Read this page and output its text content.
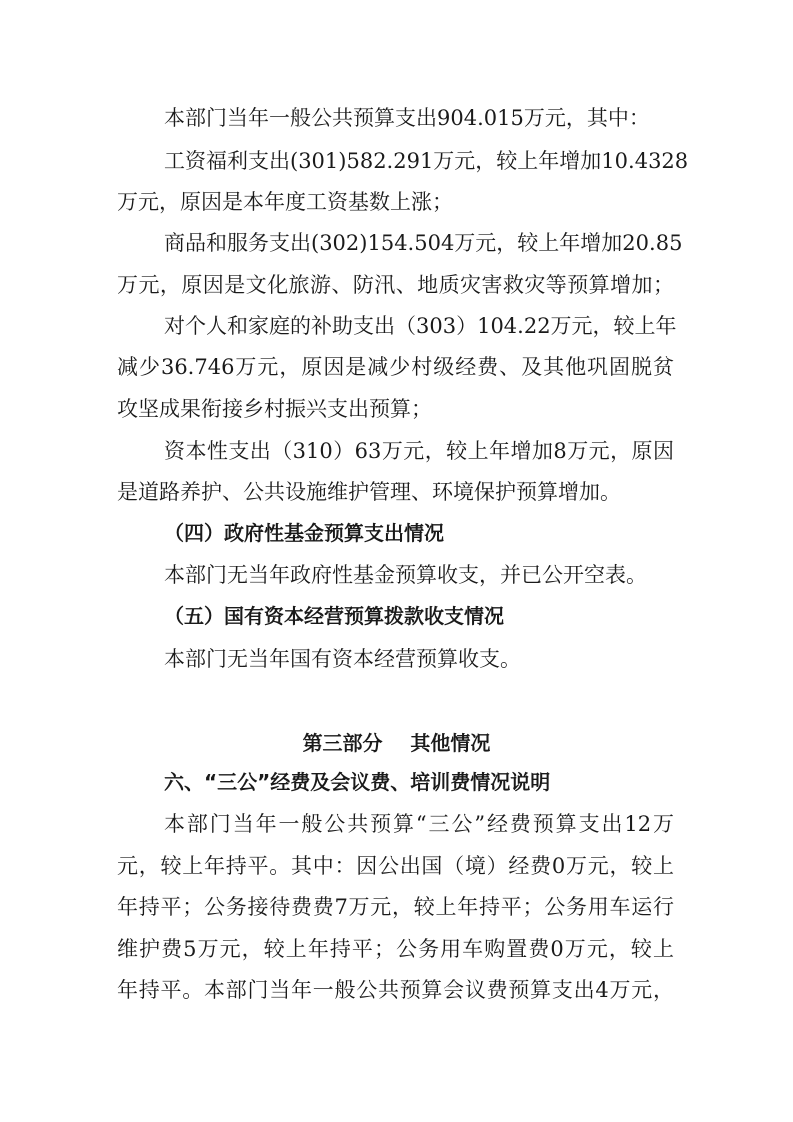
本部门当年一般公共预算支出904.015万元，其中：
工资福利支出(301)582.291万元，较上年增加10.4328
万元，原因是本年度工资基数上涨；
商品和服务支出(302)154.504万元，较上年增加20.85
万元，原因是文化旅游、防汛、地质灾害救灾等预算增加；
对个人和家庭的补助支出（303）104.22万元，较上年
减少36.746万元，原因是减少村级经费、及其他巩固脱贫
攻坚成果衔接乡村振兴支出预算；
资本性支出（310）63万元，较上年增加8万元，原因
是道路养护、公共设施维护管理、环境保护预算增加。
（四）政府性基金预算支出情况
本部门无当年政府性基金预算收支，并已公开空表。
（五）国有资本经营预算拨款收支情况
本部门无当年国有资本经营预算收支。
第三部分    其他情况
六、“三公”经费及会议费、培训费情况说明
本部门当年一般公共预算“三公”经费预算支出12万
元，较上年持平。其中：因公出国（境）经费0万元，较上
年持平；公务接待费费7万元，较上年持平；公务用车运行
维护费5万元，较上年持平；公务用车购置费0万元，较上
年持平。本部门当年一般公共预算会议费预算支出4万元，
